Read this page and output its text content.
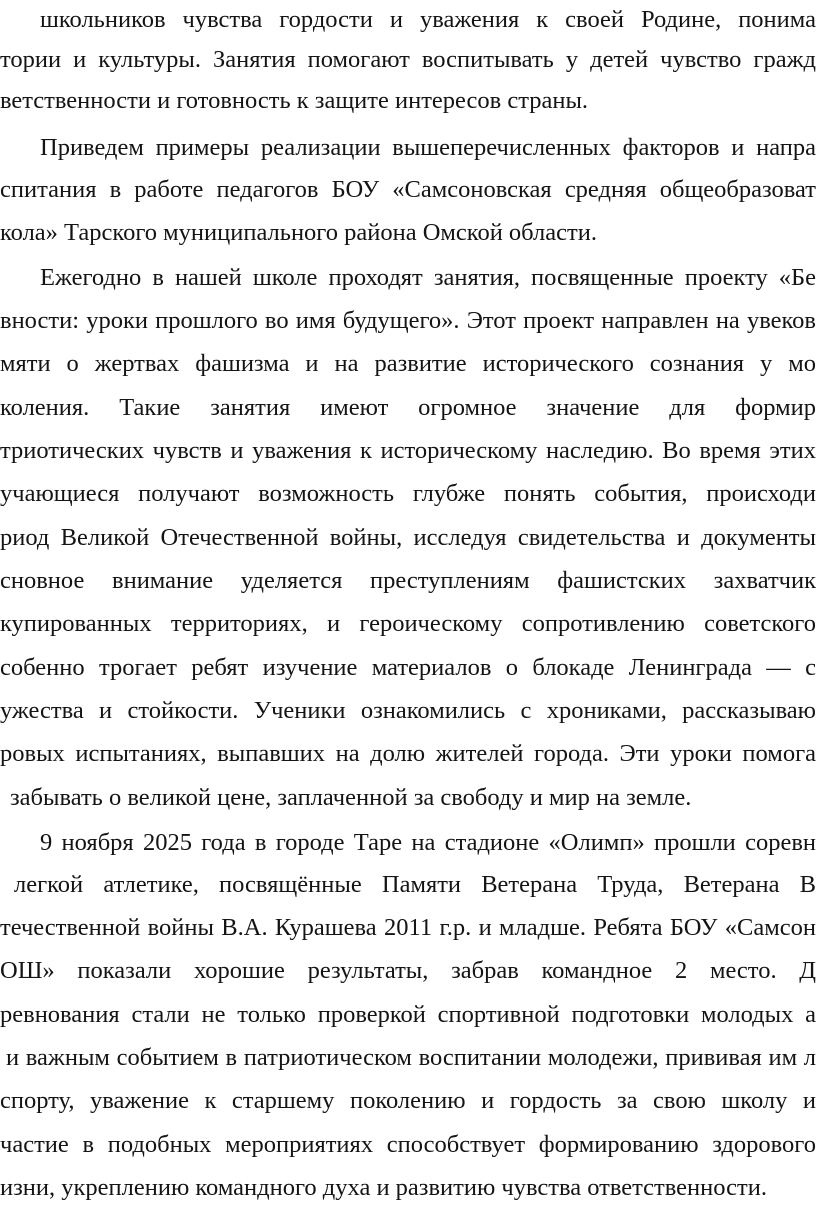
школьников чувства гордости и уважения к своей Родине, понима
тории и культуры. Занятия помогают воспитывать у детей чувство гражд
ветственности и готовность к защите интересов страны.
Приведем примеры реализации вышеперечисленных факторов и напра
спитания в работе педагогов БОУ «Самсоновская средняя общеобразоват
кола» Тарского муниципального района Омской области.
Ежегодно в нашей школе проходят занятия, посвященные проекту «Бе
вности: уроки прошлого во имя будущего». Этот проект направлен на увеков
мяти о жертвах фашизма и на развитие исторического сознания у мо
коления. Такие занятия имеют огромное значение для формир
триотических чувств и уважения к историческому наследию. Во время этих
учающиеся получают возможность глубже понять события, происходи
риод Великой Отечественной войны, исследуя свидетельства и документы
сновное внимание уделяется преступлениям фашистских захватчик
купированных территориях, и героическому сопротивлению советского
собенно трогает ребят изучение материалов о блокаде Ленинграда — с
ужества и стойкости. Ученики ознакомились с хрониками, рассказываю
ровых испытаниях, выпавших на долю жителей города. Эти уроки помога
забывать о великой цене, заплаченной за свободу и мир на земле.
9 ноября 2025 года в городе Таре на стадионе «Олимп» прошли соревн
легкой атлетике, посвящённые Памяти Ветерана Труда, Ветерана В
течественной войны В.А. Курашева 2011 г.р. и младше. Ребята БОУ «Самсон
ОШ» показали хорошие результаты, забрав командное 2 место. Д
ревнования стали не только проверкой спортивной подготовки молодых а
и важным событием в патриотическом воспитании молодежи, прививая им л
спорту, уважение к старшему поколению и гордость за свою школу и
частие в подобных мероприятиях способствует формированию здорового
изни, укреплению командного духа и развитию чувства ответственности.
